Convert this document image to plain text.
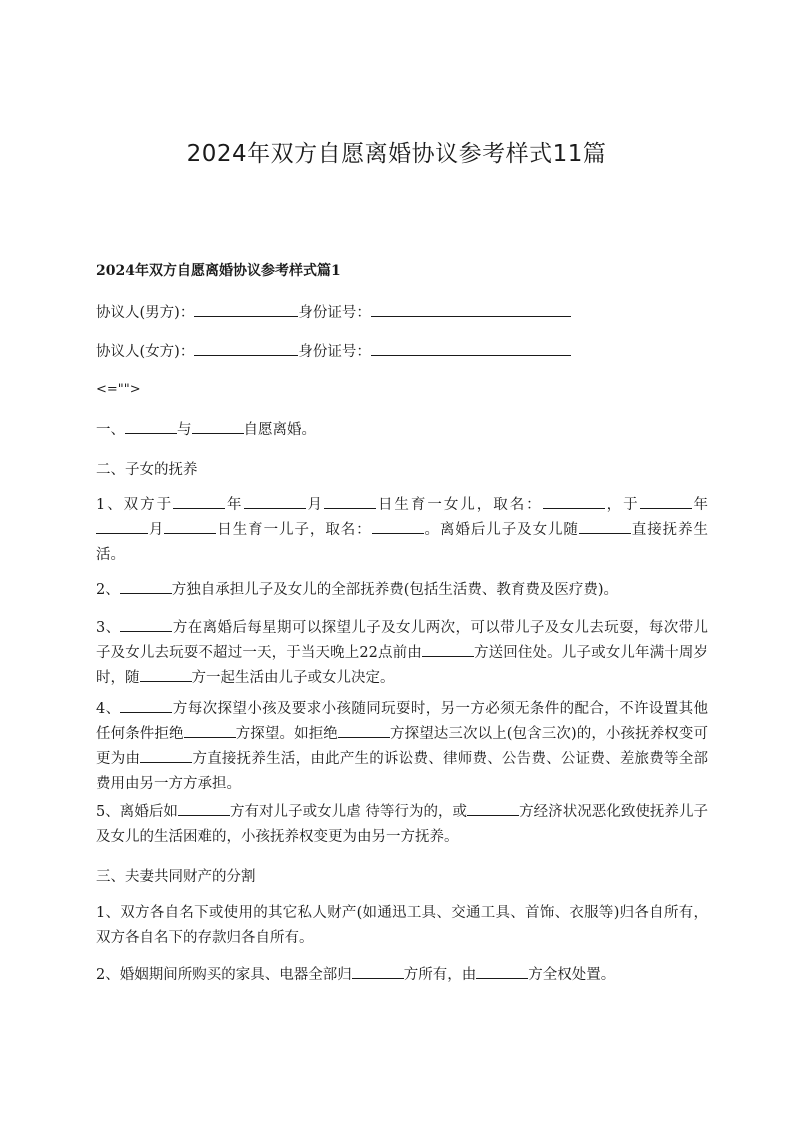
2024年双方自愿离婚协议参考样式11篇
2024年双方自愿离婚协议参考样式篇1
协议人(男方)：	身份证号：
协议人(女方)：	身份证号：
<="">
一、	与	自愿离婚。
二、子女的抚养
1、双方于	年	月	日生育一女儿，取名：	，于	年月	日生育一儿子，取名：	。离婚后儿子及女儿随	直接抚养生活。
2、	方独自承担儿子及女儿的全部抚养费(包括生活费、教育费及医疗费)。
3、	方在离婚后每星期可以探望儿子及女儿两次，可以带儿子及女儿去玩耍，每次带儿子及女儿去玩耍不超过一天，于当天晚上22点前由	方送回住处。儿子或女儿年满十周岁时，随	方一起生活由儿子或女儿决定。
4、	方每次探望小孩及要求小孩随同玩耍时，另一方必须无条件的配合，不许设置其他任何条件拒绝	方探望。如拒绝	方探望达三次以上(包含三次)的，小孩抚养权变可更为由	方直接抚养生活，由此产生的诉讼费、律师费、公告费、公证费、差旅费等全部费用由另一方方承担。
5、离婚后如	方有对儿子或女儿虐 待等行为的，或	方经济状况恶化致使抚养儿子及女儿的生活困难的，小孩抚养权变更为由另一方抚养。
三、夫妻共同财产的分割
1、双方各自名下或使用的其它私人财产(如通迅工具、交通工具、首饰、衣服等)归各自所有，双方各自名下的存款归各自所有。
2、婚姻期间所购买的家具、电器全部归	方所有，由	方全权处置。
